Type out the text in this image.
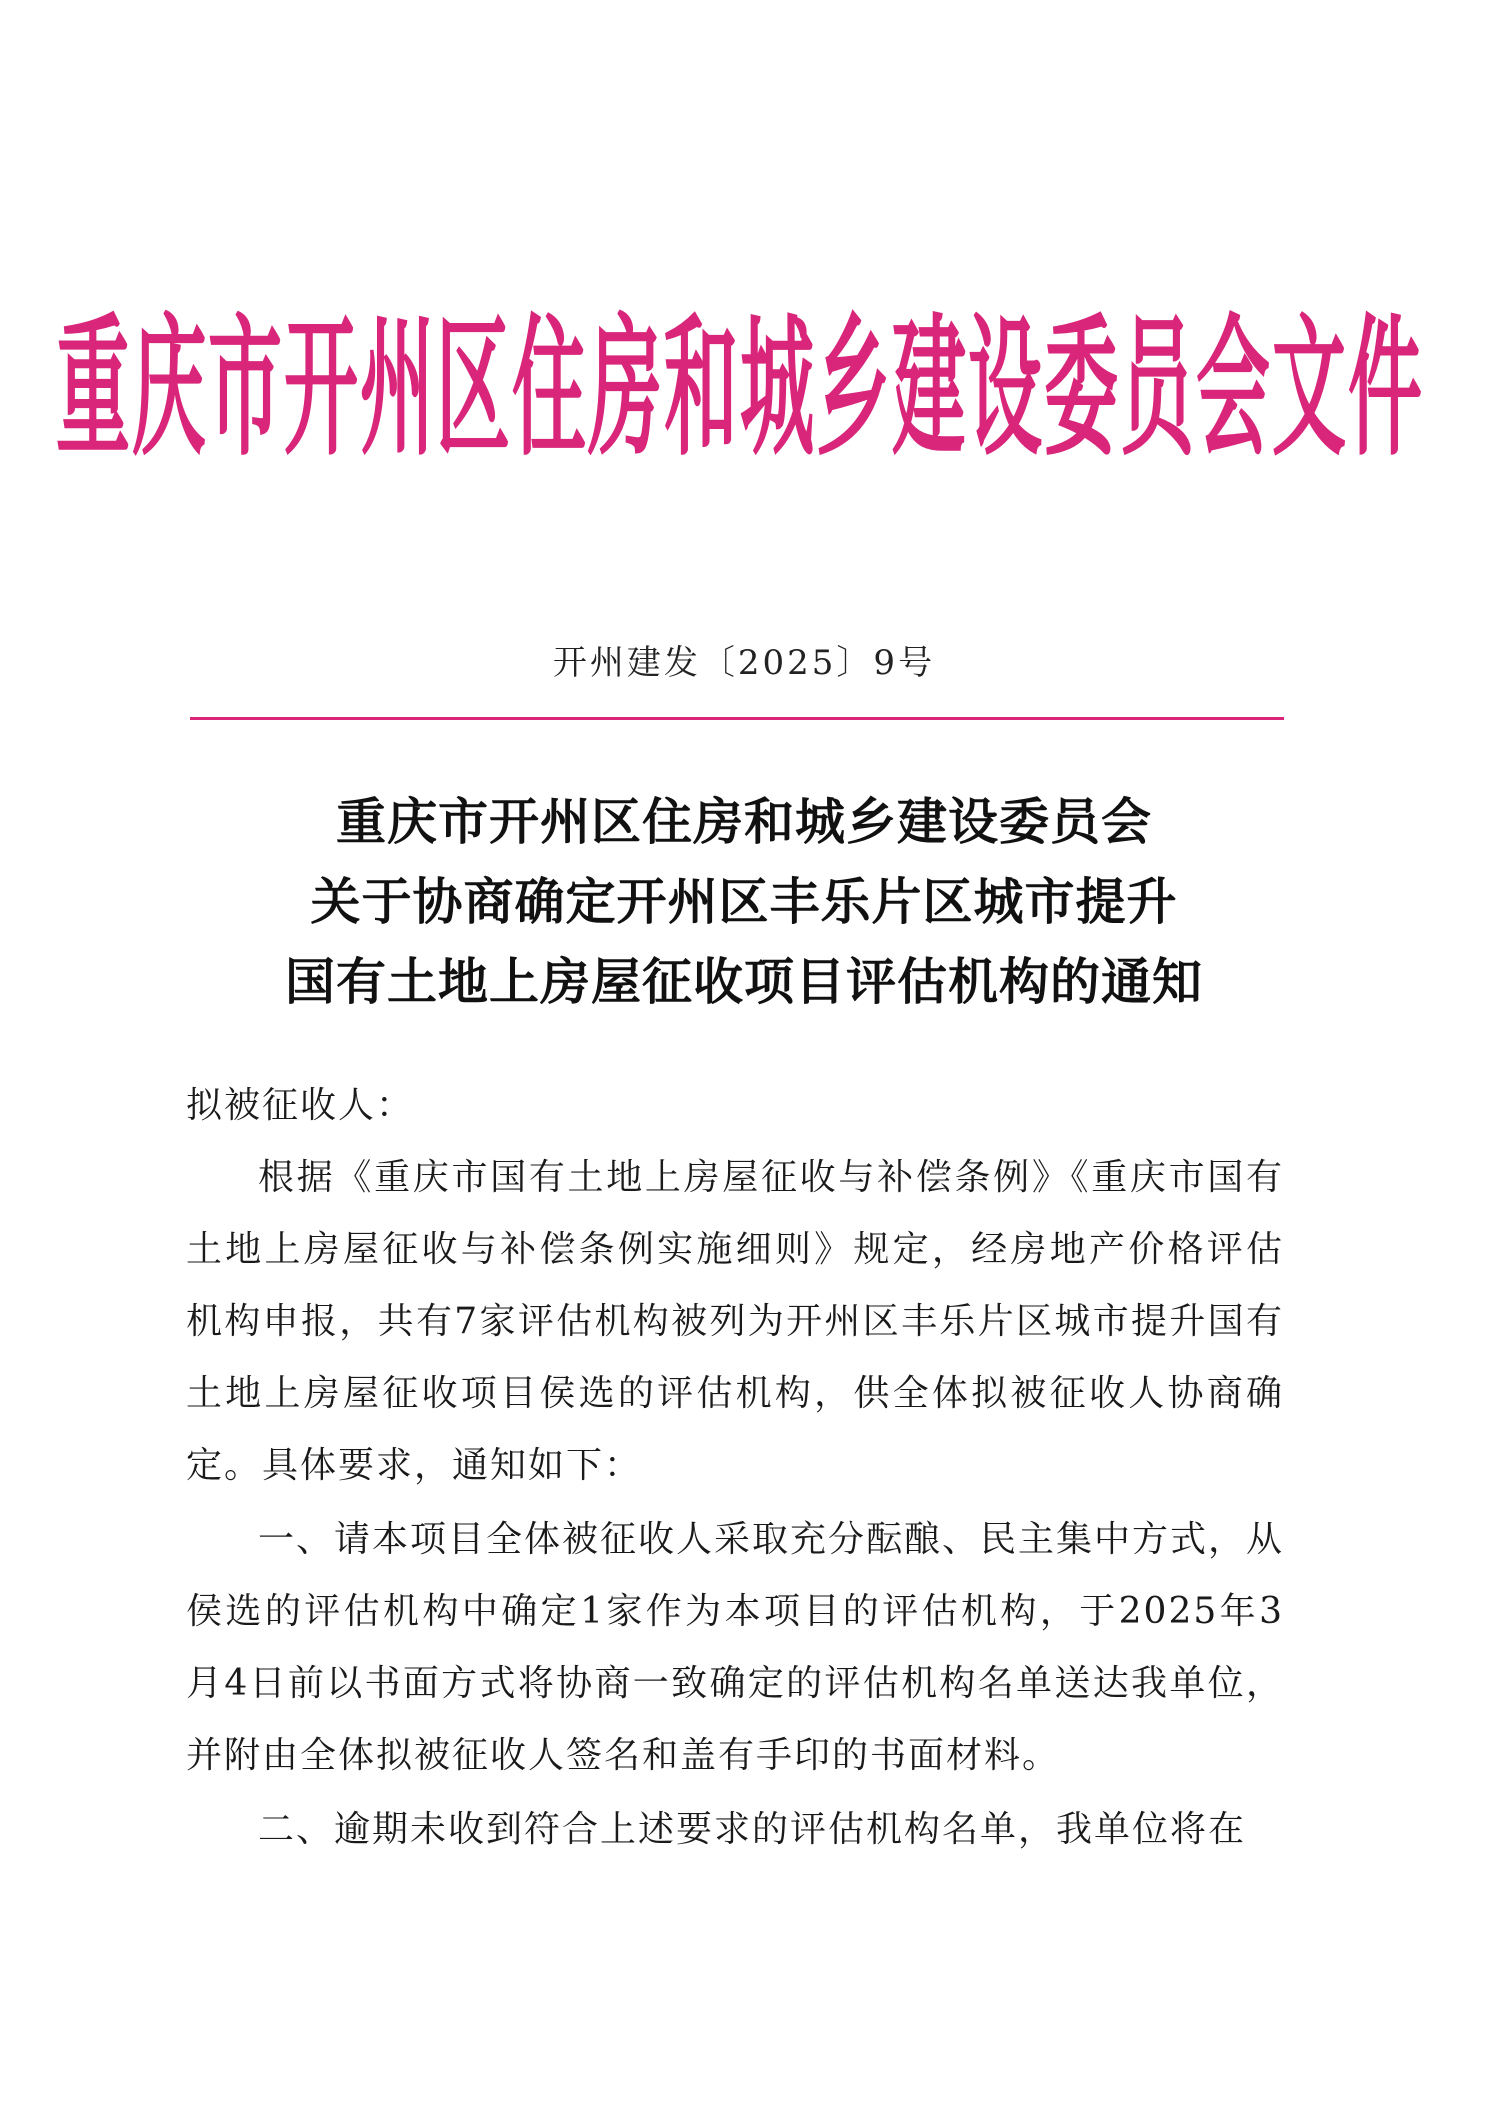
重庆市开州区住房和城乡建设委员会文件
开州建发〔2025〕9号
重庆市开州区住房和城乡建设委员会
关于协商确定开州区丰乐片区城市提升
国有土地上房屋征收项目评估机构的通知
拟被征收人：

根据《重庆市国有土地上房屋征收与补偿条例》《重庆市国有土地上房屋征收与补偿条例实施细则》规定，经房地产价格评估机构申报，共有7家评估机构被列为开州区丰乐片区城市提升国有土地上房屋征收项目侯选的评估机构，供全体拟被征收人协商确定。具体要求，通知如下：

一、请本项目全体被征收人采取充分酝酿、民主集中方式，从侯选的评估机构中确定1家作为本项目的评估机构，于2025年3月4日前以书面方式将协商一致确定的评估机构名单送达我单位，并附由全体拟被征收人签名和盖有手印的书面材料。

二、逾期未收到符合上述要求的评估机构名单，我单位将在
